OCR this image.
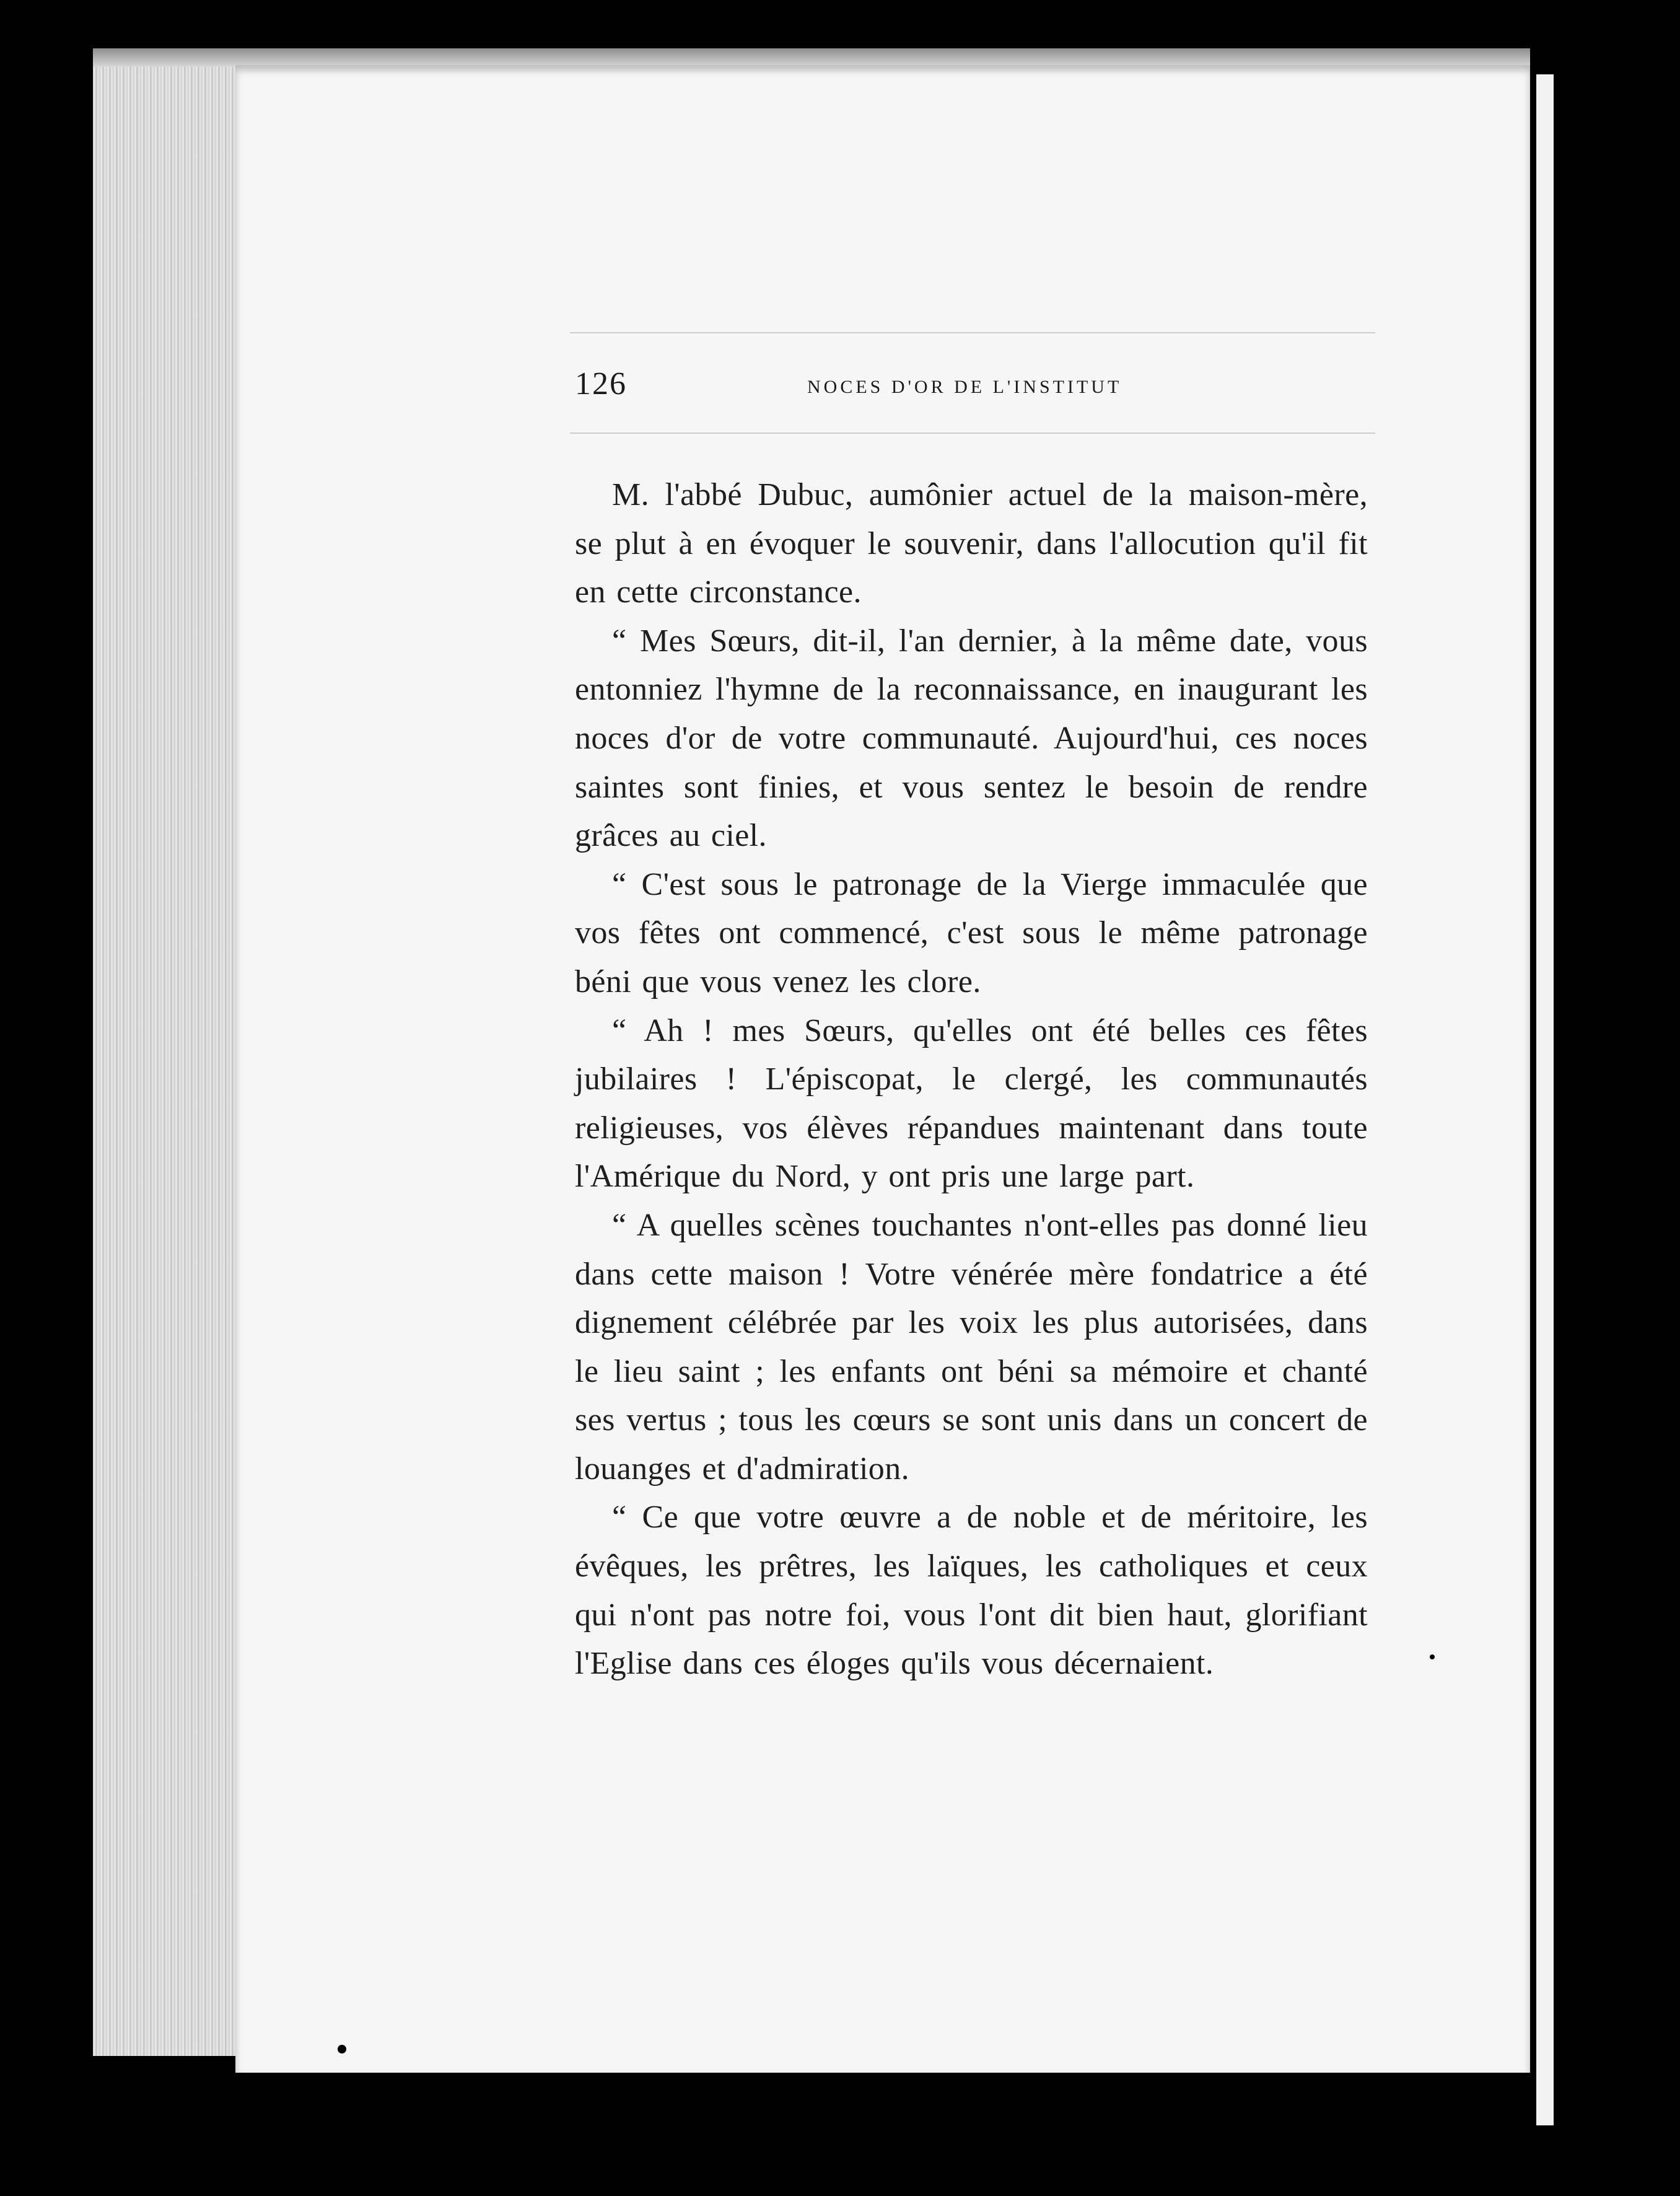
126	NOCES D'OR DE L'INSTITUT

M. l'abbé Dubuc, aumônier actuel de la maison-mère, se plut à en évoquer le souvenir, dans l'allocution qu'il fit en cette circonstance.

“ Mes Sœurs, dit-il, l'an dernier, à la même date, vous entonniez l'hymne de la reconnaissance, en inaugurant les noces d'or de votre communauté. Aujourd'hui, ces noces saintes sont finies, et vous sentez le besoin de rendre grâces au ciel.

“ C'est sous le patronage de la Vierge immaculée que vos fêtes ont commencé, c'est sous le même patronage béni que vous venez les clore.

“ Ah ! mes Sœurs, qu'elles ont été belles ces fêtes jubilaires ! L'épiscopat, le clergé, les communautés religieuses, vos élèves répandues maintenant dans toute l'Amérique du Nord, y ont pris une large part.

“ A quelles scènes touchantes n'ont-elles pas donné lieu dans cette maison ! Votre vénérée mère fondatrice a été dignement célébrée par les voix les plus autorisées, dans le lieu saint ; les enfants ont béni sa mémoire et chanté ses vertus ; tous les cœurs se sont unis dans un concert de louanges et d'admiration.

“ Ce que votre œuvre a de noble et de méritoire, les évêques, les prêtres, les laïques, les catholiques et ceux qui n'ont pas notre foi, vous l'ont dit bien haut, glorifiant l'Eglise dans ces éloges qu'ils vous décernaient.
